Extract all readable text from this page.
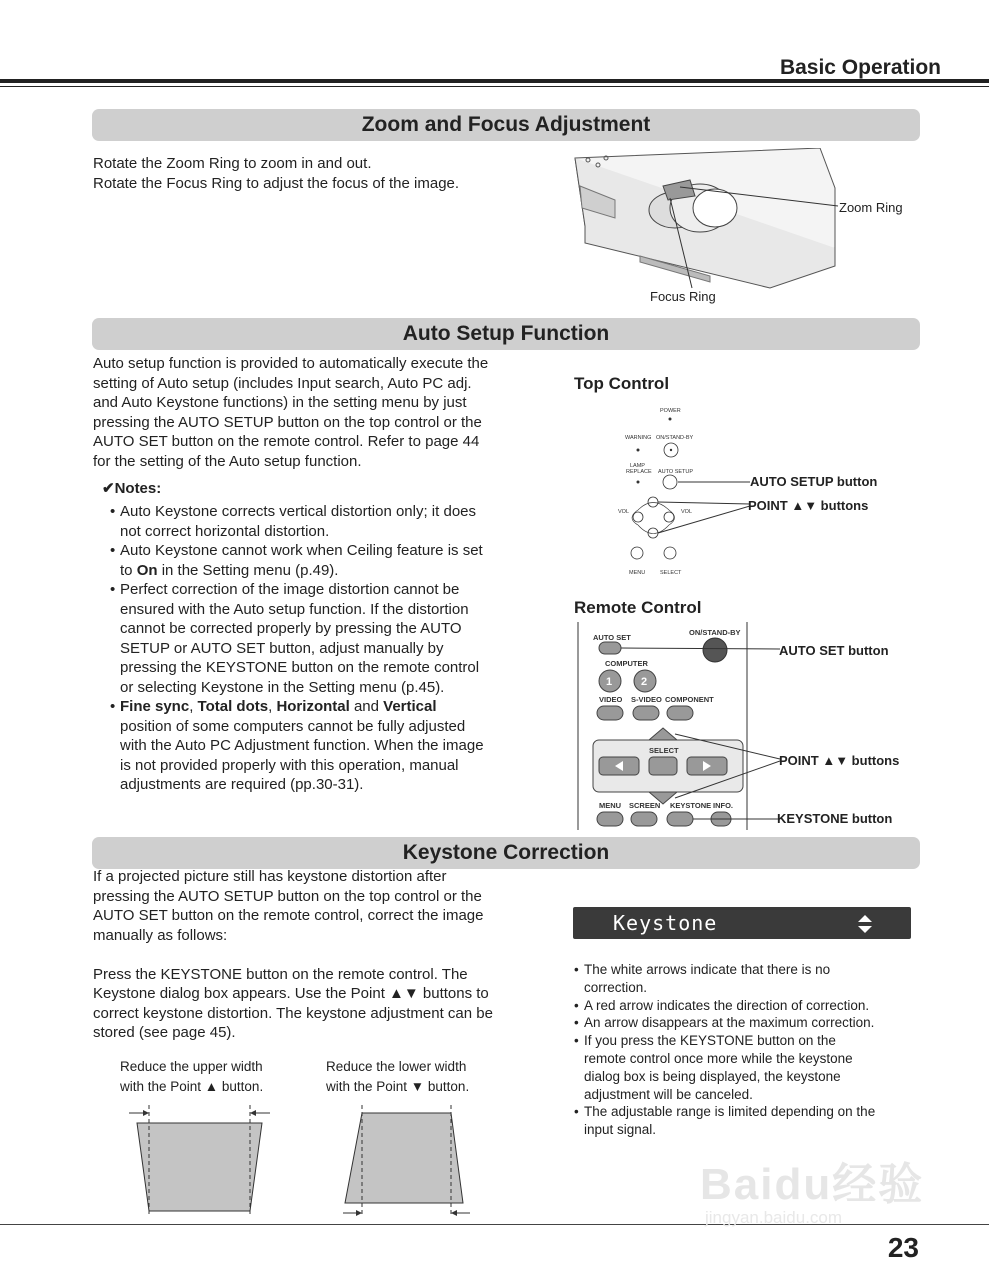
Basic Operation
Zoom and Focus Adjustment

Rotate the Zoom Ring to zoom in and out.

Rotate the Focus Ring to adjust the focus of the image.

Zoom Ring
Focus Ring
Auto Setup Function

Auto setup function is provided to automatically execute the

setting of Auto setup (includes Input search, Auto PC adj.

and Auto Keystone functions) in the setting menu by just

pressing the AUTO SETUP button on the top control or the

AUTO SET button on the remote control. Refer to page 44

for the setting of the Auto setup function.

✔Notes:
• Auto Keystone corrects vertical distortion only; it does
not correct horizontal distortion.
• Auto Keystone cannot work when Ceiling feature is set
to On in the Setting menu (p.49).
• Perfect correction of the image distortion cannot be
ensured with the Auto setup function. If the distortion
cannot be corrected properly by pressing the AUTO
SETUP or AUTO SET button, adjust manually by
pressing the KEYSTONE button on the remote control
or selecting Keystone in the Setting menu (p.45).
• Fine sync, Total dots, Horizontal and Vertical
position of some computers cannot be fully adjusted
with the Auto PC Adjustment function. When the image
is not provided properly with this operation, manual
adjustments are required (pp.30-31).
Top Control
POWER
WARNING ON/STAND-BY
LAMP
REPLACE AUTO SETUP
VOL	VOL
MENU	SELECT
AUTO SETUP button
POINT ▲▼ buttons
Remote Control
AUTO SET
ON/STAND-BY
COMPUTER
1	2
VIDEO S-VIDEO COMPONENT
SELECT
MENU SCREEN KEYSTONE INFO.
AUTO SET button
POINT ▲▼ buttons
KEYSTONE button
Keystone Correction

If a projected picture still has keystone distortion after

pressing the AUTO SETUP button on the top control or the

AUTO SET button on the remote control, correct the image

manually as follows:

Press the KEYSTONE button on the remote control. The

Keystone dialog box appears. Use the Point ▲▼ buttons to

correct keystone distortion. The keystone adjustment can be

stored (see page 45).

Keystone
• The white arrows indicate that there is no
correction.
• A red arrow indicates the direction of correction.
• An arrow disappears at the maximum correction.
• If you press the KEYSTONE button on the
remote control once more while the keystone
dialog box is being displayed, the keystone
adjustment will be canceled.
• The adjustable range is limited depending on the
input signal.
Reduce the upper width
with the Point ▲ button.
Reduce the lower width
with the Point ▼ button.
23
Baidu经验
jingyan.baidu.com
